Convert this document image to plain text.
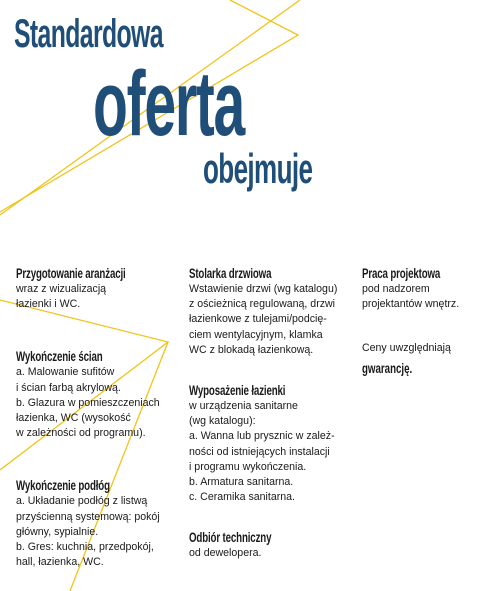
Standardowa
oferta
obejmuje
Przygotowanie aranżacji
wraz z wizualizacją
łazienki i WC.
Wykończenie ścian
a. Malowanie sufitów
i ścian farbą akrylową.
b. Glazura w pomieszczeniach
łazienka, WC (wysokość
w zależności od programu).
Wykończenie podłóg
a. Układanie podłóg z listwą
przyścienną systemową: pokój
główny, sypialnie.
b. Gres: kuchnia, przedpokój,
hall, łazienka, WC.
Stolarka drzwiowa
Wstawienie drzwi (wg katalogu)
z ościeżnicą regulowaną, drzwi
łazienkowe z tulejami/podcię-
ciem wentylacyjnym, klamka
WC z blokadą łazienkową.
Wyposażenie łazienki
w urządzenia sanitarne
(wg katalogu):
a. Wanna lub prysznic w zależ-
ności od istniejących instalacji
i programu wykończenia.
b. Armatura sanitarna.
c. Ceramika sanitarna.
Odbiór techniczny
od dewelopera.
Praca projektowa
pod nadzorem
projektantów wnętrz.
Ceny uwzględniają
gwarancję.
